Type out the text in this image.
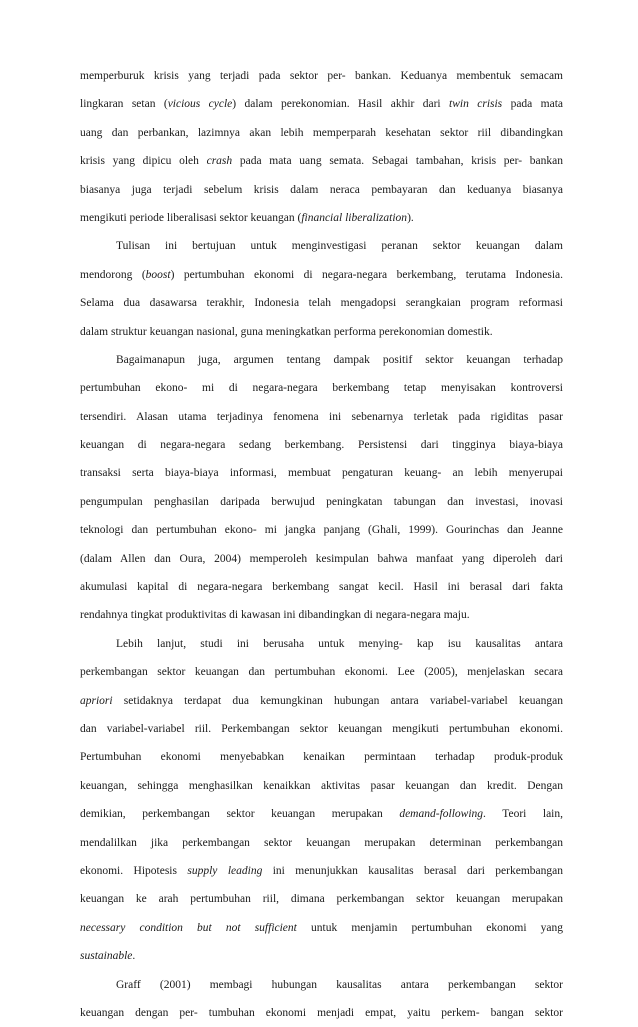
memperburuk krisis yang terjadi pada sektor per- bankan. Keduanya membentuk semacam
lingkaran setan (vicious cycle) dalam perekonomian. Hasil akhir dari twin crisis pada mata
uang dan perbankan, lazimnya akan lebih memperparah kesehatan sektor riil dibandingkan
krisis yang dipicu oleh crash pada mata uang semata. Sebagai tambahan, krisis per- bankan
biasanya juga terjadi sebelum krisis dalam neraca pembayaran dan keduanya biasanya
mengikuti periode liberalisasi sektor keuangan (financial liberalization).
Tulisan ini bertujuan untuk menginvestigasi peranan sektor keuangan dalam
mendorong (boost) pertumbuhan ekonomi di negara-negara berkembang, terutama Indonesia.
Selama dua dasawarsa terakhir, Indonesia telah mengadopsi serangkaian program reformasi
dalam struktur keuangan nasional, guna meningkatkan performa perekonomian domestik.
Bagaimanapun juga, argumen tentang dampak positif sektor keuangan terhadap
pertumbuhan ekono- mi di negara-negara berkembang tetap menyisakan kontroversi
tersendiri. Alasan utama terjadinya fenomena ini sebenarnya terletak pada rigiditas pasar
keuangan di negara-negara sedang berkembang. Persistensi dari tingginya biaya-biaya
transaksi serta biaya-biaya informasi, membuat pengaturan keuang- an lebih menyerupai
pengumpulan penghasilan daripada berwujud peningkatan tabungan dan investasi, inovasi
teknologi dan pertumbuhan ekono- mi jangka panjang (Ghali, 1999). Gourinchas dan Jeanne
(dalam Allen dan Oura, 2004) memperoleh kesimpulan bahwa manfaat yang diperoleh dari
akumulasi kapital di negara-negara berkembang sangat kecil. Hasil ini berasal dari fakta
rendahnya tingkat produktivitas di kawasan ini dibandingkan di negara-negara maju.
Lebih lanjut, studi ini berusaha untuk menying- kap isu kausalitas antara
perkembangan sektor keuangan dan pertumbuhan ekonomi. Lee (2005), menjelaskan secara
apriori setidaknya terdapat dua kemungkinan hubungan antara variabel-variabel keuangan
dan variabel-variabel riil. Perkembangan sektor keuangan mengikuti pertumbuhan ekonomi.
Pertumbuhan ekonomi menyebabkan kenaikan permintaan terhadap produk-produk
keuangan, sehingga menghasilkan kenaikkan aktivitas pasar keuangan dan kredit. Dengan
demikian, perkembangan sektor keuangan merupakan demand-following. Teori lain,
mendalilkan jika perkembangan sektor keuangan merupakan determinan perkembangan
ekonomi. Hipotesis supply leading ini menunjukkan kausalitas berasal dari perkembangan
keuangan ke arah pertumbuhan riil, dimana perkembangan sektor keuangan merupakan
necessary condition but not sufficient untuk menjamin pertumbuhan ekonomi yang
sustainable.
Graff (2001) membagi hubungan kausalitas antara perkembangan sektor
keuangan dengan per- tumbuhan ekonomi menjadi empat, yaitu perkem- bangan sektor
